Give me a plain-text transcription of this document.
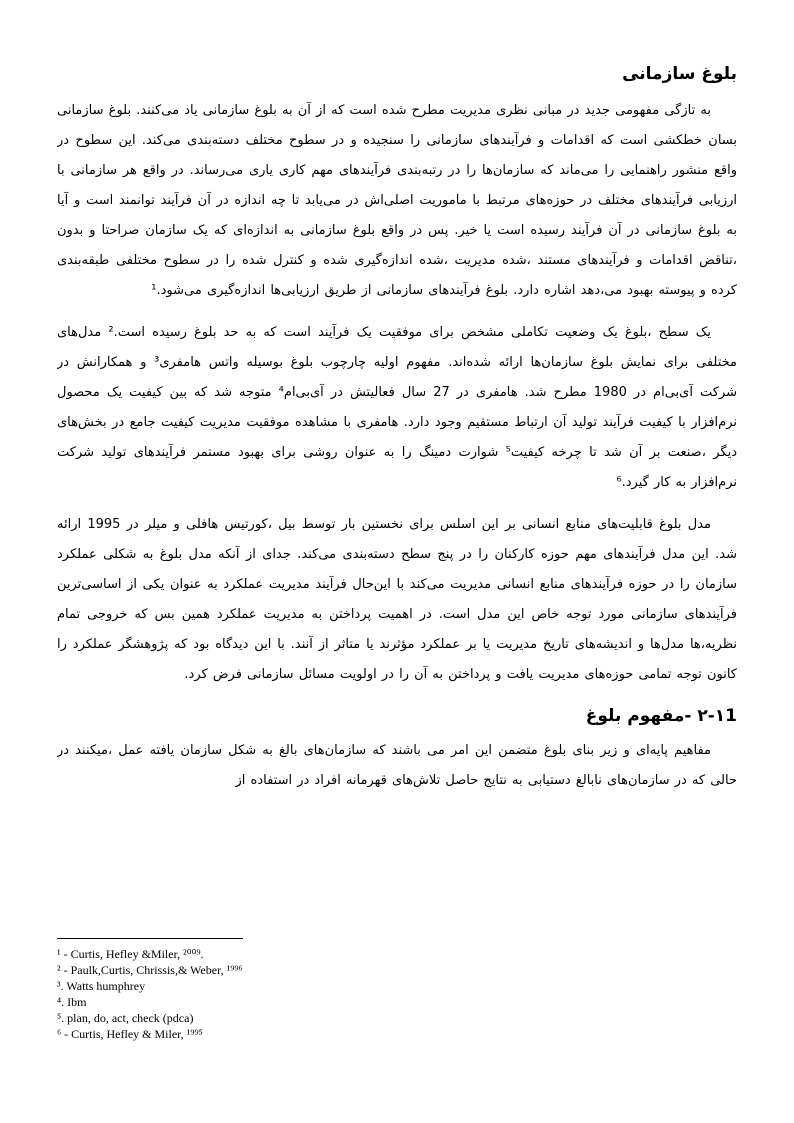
بلوغ سازمانی

به تازگی مفهومی جدید در مبانی نظری مدیریت مطرح شده است که از آن به بلوغ سازمانی یاد می‌کنند. بلوغ سازمانی بسان خطکشی است که اقدامات و فرآیندهای سازمانی را سنجیده و در سطوح مختلف دسته‌بندی می‌کند. این سطوح در واقع منشور راهنمایی را می‌ماند که سازمان‌ها را در رتبه‌بندی فرآیندهای مهم کاری یاری می‌رساند. در واقع هر سازمانی با ارزیابی فرآیندهای مختلف در حوزه‌های مرتبط با ماموریت اصلی‌اش در می‌یابد تا چه اندازه در آن فرآیند توانمند است و آیا به بلوغ سازمانی در آن فرآیند رسیده است یا خیر. پس در واقع بلوغ سازمانی به اندازه‌ای که یک سازمان صراحتا و بدون ،تناقض اقدامات و فرآیندهای مستند ،شده مدیریت ،شده اندازه‌گیری شده و کنترل شده را در سطوح مختلفی طبقه‌بندی کرده و پیوسته بهبود می،دهد اشاره دارد. بلوغ فرآیندهای سازمانی از طریق ارزیابی‌ها اندازه‌گیری می‌شود.¹

یک سطح ،بلوغ یک وضعیت تکاملی مشخص برای موفقیت یک فرآیند است که به حد بلوغ رسیده است.² مدل‌های مختلفی برای نمایش بلوغ سازمان‌ها ارائه شده‌اند. مفهوم اولیه چارچوب بلوغ بوسیله واتس هامفری³ و همکارانش در شرکت آی‌بی‌ام در 1980 مطرح شد. هامفری در 27 سال فعالیتش در آی‌بی‌ام⁴ متوجه شد که بین کیفیت یک محصول نرم‌افزار با کیفیت فرآیند تولید آن ارتباط مستقیم وجود دارد. هامفری با مشاهده موفقیت مدیریت کیفیت جامع در بخش‌های دیگر ،صنعت بر آن شد تا چرخه کیفیت⁵ شوارت دمینگ را به عنوان روشی برای بهبود مستمر فرآیندهای تولید شرکت نرم‌افزار به کار گیرد.⁶

مدل بلوغ قابلیت‌های منابع انسانی بر این اسلس برای نخستین بار توسط بیل ،کورتیس هافلی و میلر در 1995 ارائه شد. این مدل فرآیندهای مهم حوزه کارکنان را در پنج سطح دسته‌بندی می‌کند. جدای از آنکه مدل بلوغ به شکلی عملکرد سازمان را در حوزه فرآیندهای منابع انسانی مدیریت می‌کند با این‌حال فرآیند مدیریت عملکرد به عنوان یکی از اساسی‌ترین فرآیندهای سازمانی مورد توجه خاص این مدل است. در اهمیت پرداختن به مدیریت عملکرد همین بس که خروجی تمام نظریه،ها مدل‌ها و اندیشه‌های تاریخ مدیریت یا بر عملکرد مؤثرند یا متاثر از آنند. با این دیدگاه بود که پژوهشگر عملکرد را کانون توجه تمامی حوزه‌های مدیریت یافت و پرداختن به آن را در اولویت مسائل سازمانی فرض کرد.

۲-۱1 -مفهوم بلوغ

مفاهیم پایه‌ای و زیر بنای بلوغ متضمن این امر می باشند که سازمان‌های بالغ به شکل سازمان یافته عمل ،میکنند در حالی که در سازمان‌های نابالغ دستیابی به نتایج حاصل تلاش‌های قهرمانه افراد در استفاده از

¹ - Curtis, Hefley &Miler, ²⁰⁰⁹.
² - Paulk,Curtis, Chrissis,& Weber, ¹⁹⁹⁶
³. Watts humphrey
⁴. Ibm
⁵. plan, do, act, check (pdca)
⁶ - Curtis, Hefley & Miler, ¹⁹⁹⁵
